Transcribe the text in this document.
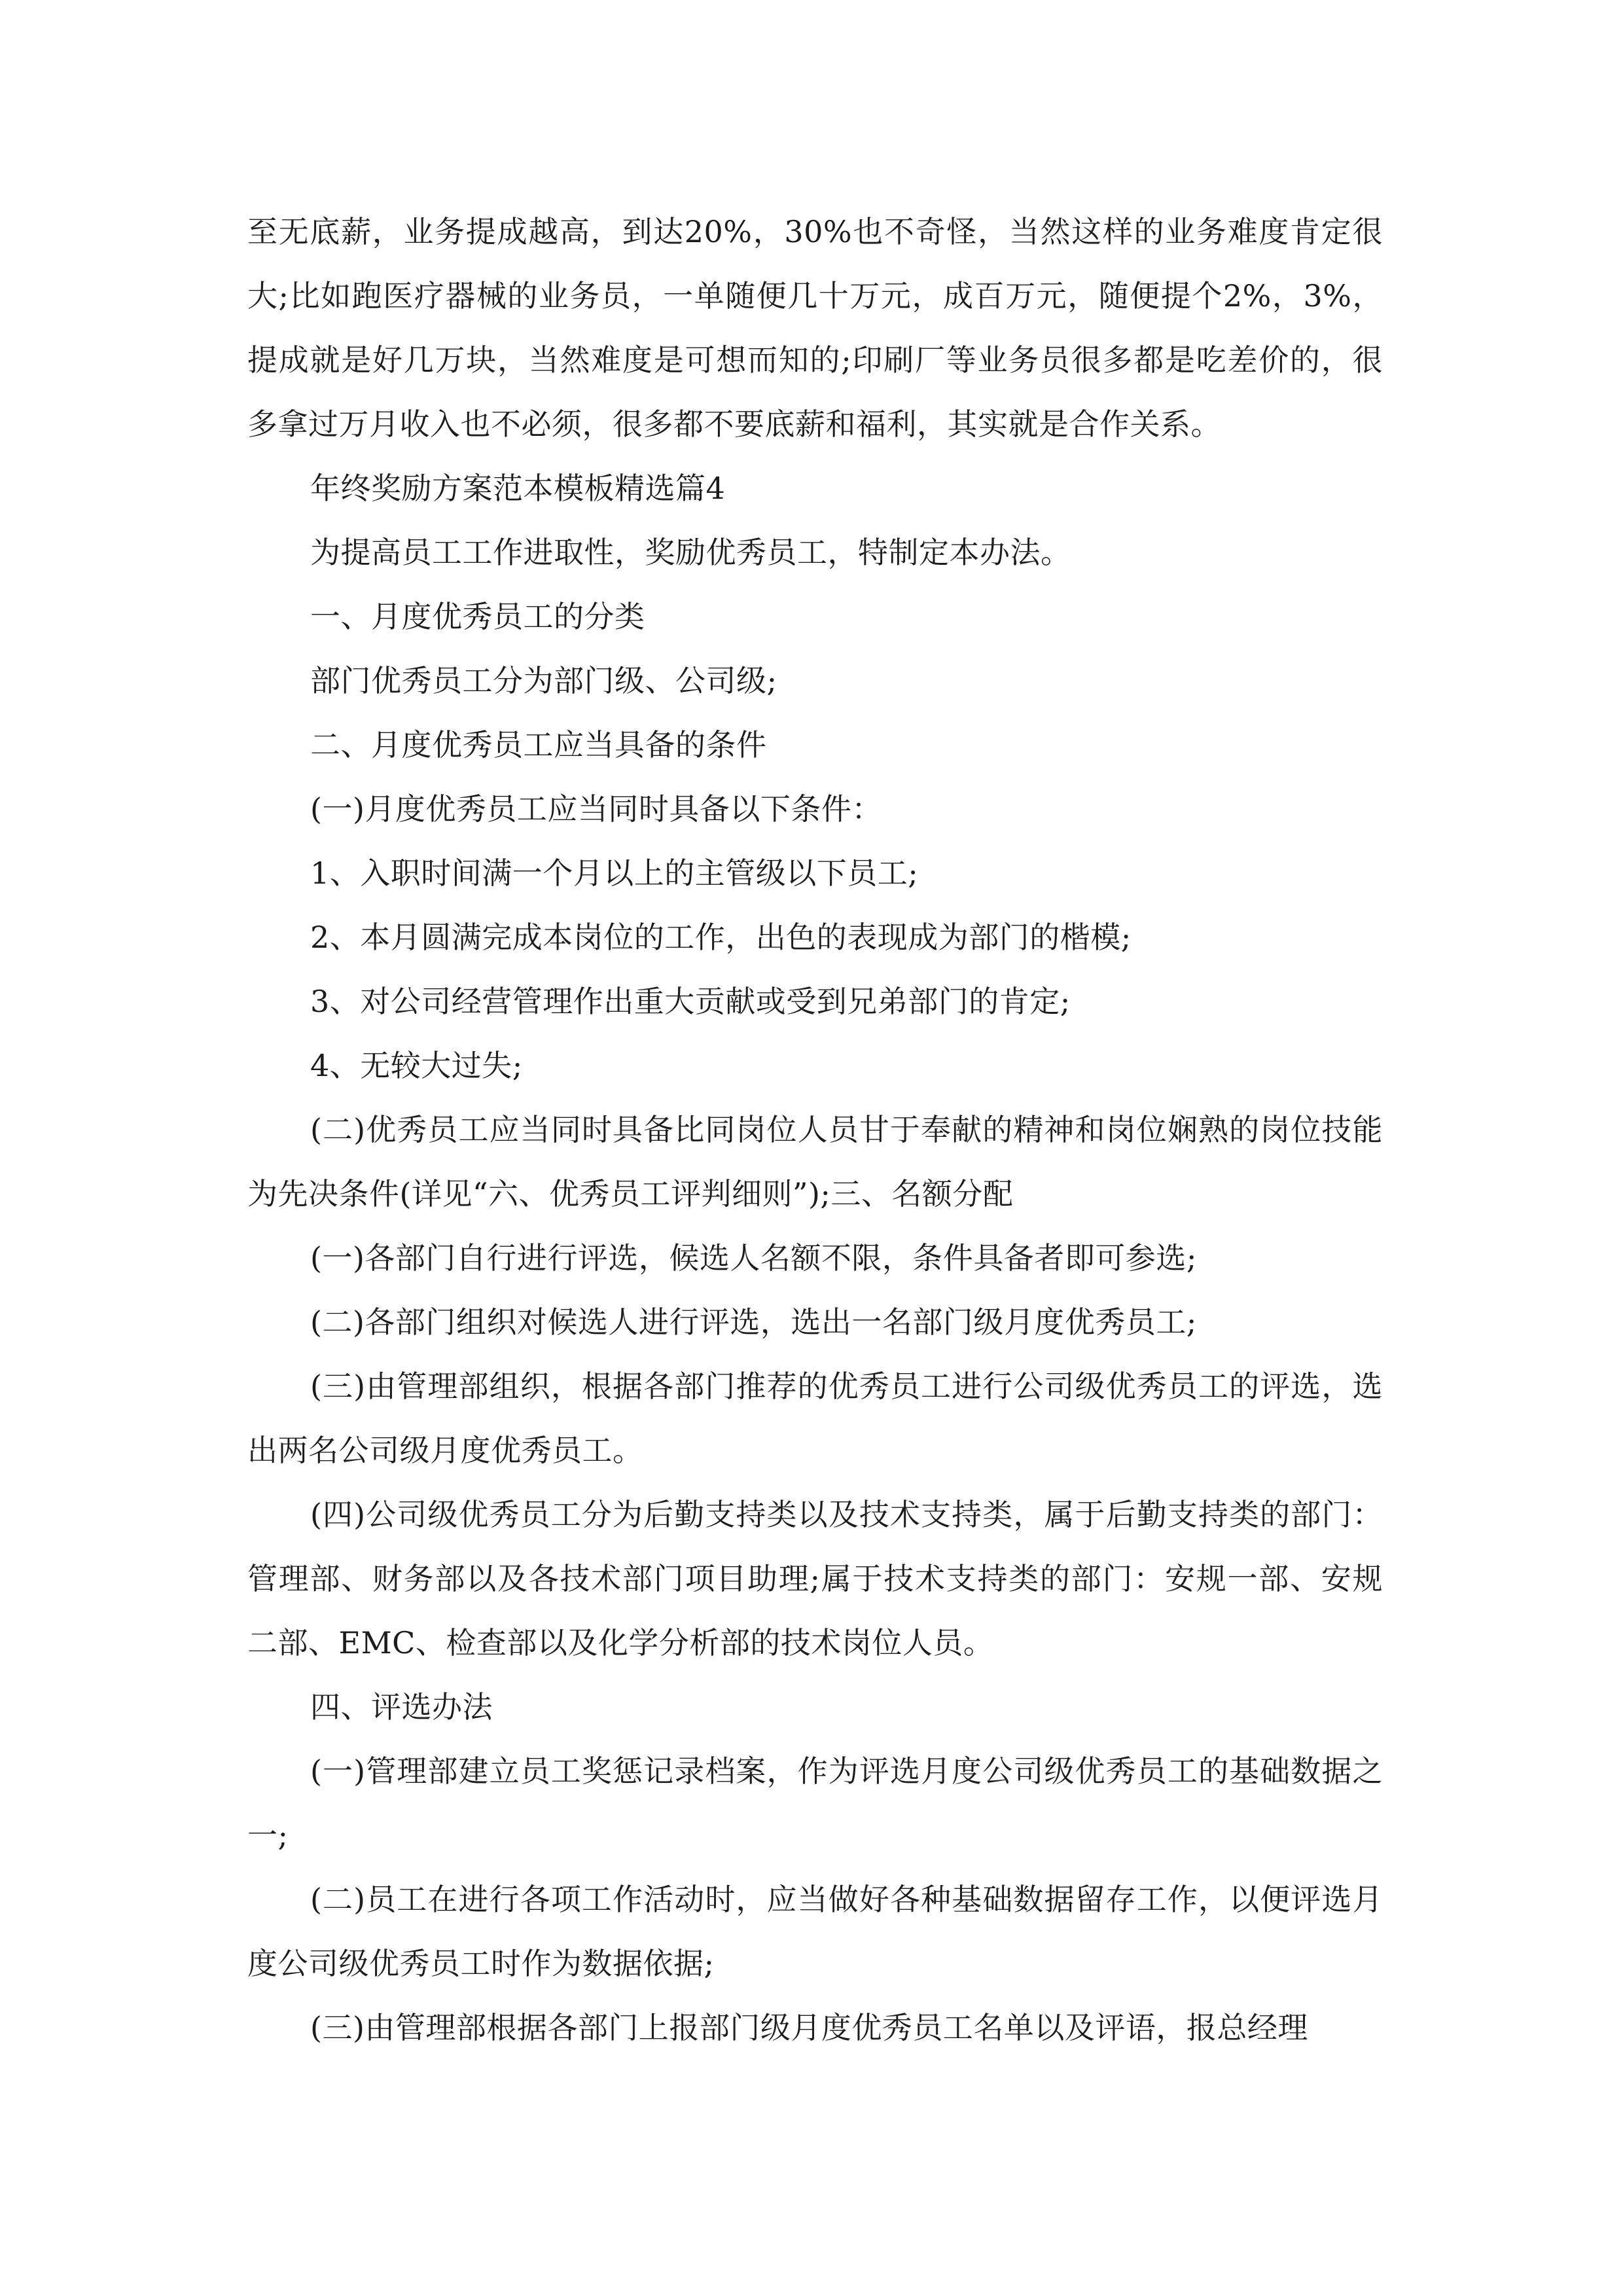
至无底薪，业务提成越高，到达20%，30%也不奇怪，当然这样的业务难度肯定很大;比如跑医疗器械的业务员，一单随便几十万元，成百万元，随便提个2%，3%，提成就是好几万块，当然难度是可想而知的;印刷厂等业务员很多都是吃差价的，很多拿过万月收入也不必须，很多都不要底薪和福利，其实就是合作关系。

年终奖励方案范本模板精选篇4

为提高员工工作进取性，奖励优秀员工，特制定本办法。

一、月度优秀员工的分类

部门优秀员工分为部门级、公司级;

二、月度优秀员工应当具备的条件

(一)月度优秀员工应当同时具备以下条件：

1、入职时间满一个月以上的主管级以下员工;

2、本月圆满完成本岗位的工作，出色的表现成为部门的楷模;

3、对公司经营管理作出重大贡献或受到兄弟部门的肯定;

4、无较大过失;

(二)优秀员工应当同时具备比同岗位人员甘于奉献的精神和岗位娴熟的岗位技能为先决条件(详见“六、优秀员工评判细则”);三、名额分配

(一)各部门自行进行评选，候选人名额不限，条件具备者即可参选;

(二)各部门组织对候选人进行评选，选出一名部门级月度优秀员工;

(三)由管理部组织，根据各部门推荐的优秀员工进行公司级优秀员工的评选，选出两名公司级月度优秀员工。

(四)公司级优秀员工分为后勤支持类以及技术支持类，属于后勤支持类的部门：管理部、财务部以及各技术部门项目助理;属于技术支持类的部门：安规一部、安规二部、EMC、检查部以及化学分析部的技术岗位人员。

四、评选办法

(一)管理部建立员工奖惩记录档案，作为评选月度公司级优秀员工的基础数据之一;

(二)员工在进行各项工作活动时，应当做好各种基础数据留存工作，以便评选月度公司级优秀员工时作为数据依据;

(三)由管理部根据各部门上报部门级月度优秀员工名单以及评语，报总经理
